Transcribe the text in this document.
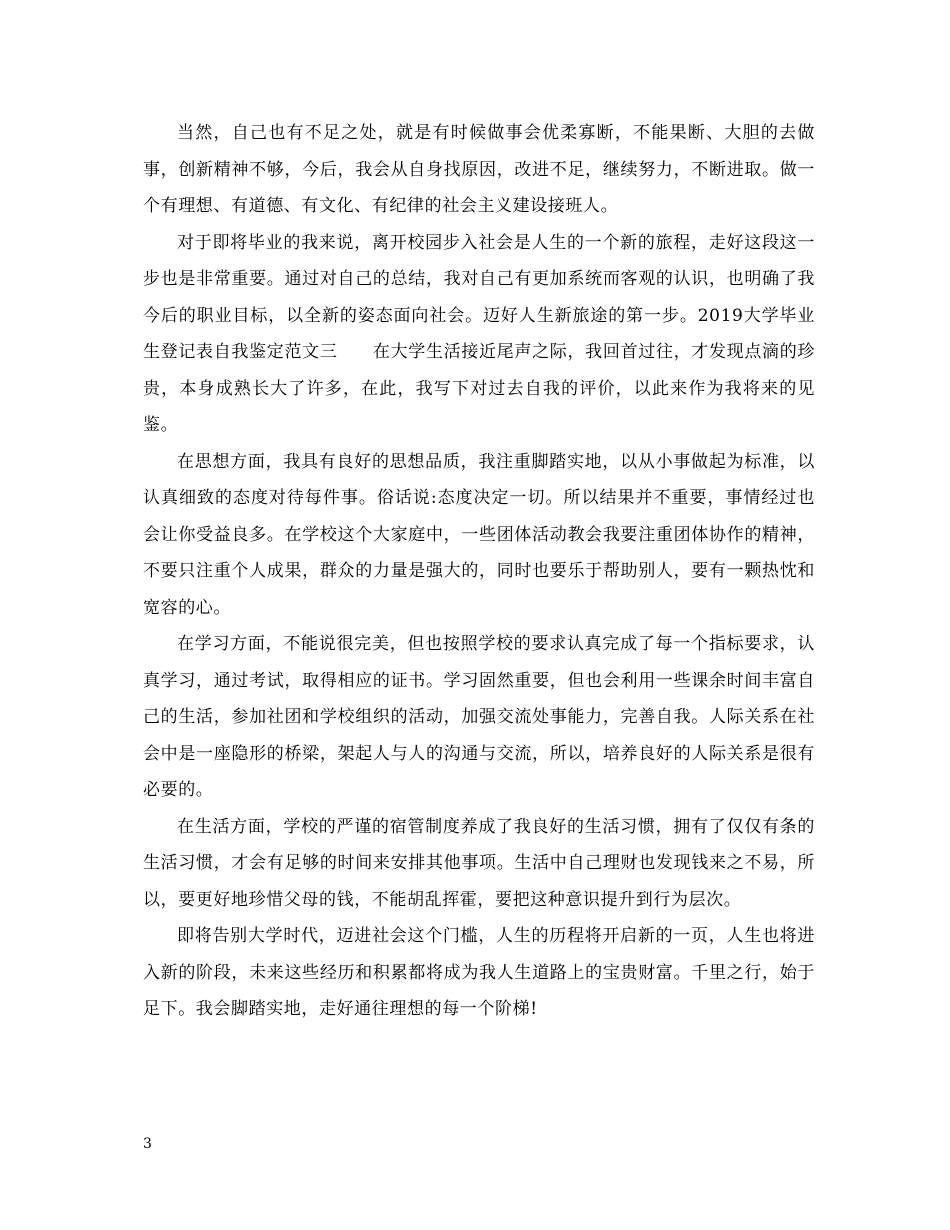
当然，自己也有不足之处，就是有时候做事会优柔寡断，不能果断、大胆的去做事，创新精神不够，今后，我会从自身找原因，改进不足，继续努力，不断进取。做一个有理想、有道德、有文化、有纪律的社会主义建设接班人。

对于即将毕业的我来说，离开校园步入社会是人生的一个新的旅程，走好这段这一步也是非常重要。通过对自己的总结，我对自己有更加系统而客观的认识，也明确了我今后的职业目标，以全新的姿态面向社会。迈好人生新旅途的第一步。2019大学毕业生登记表自我鉴定范文三　　在大学生活接近尾声之际，我回首过往，才发现点滴的珍贵，本身成熟长大了许多，在此，我写下对过去自我的评价，以此来作为我将来的见鉴。

在思想方面，我具有良好的思想品质，我注重脚踏实地，以从小事做起为标准，以认真细致的态度对待每件事。俗话说:态度决定一切。所以结果并不重要，事情经过也会让你受益良多。在学校这个大家庭中，一些团体活动教会我要注重团体协作的精神，不要只注重个人成果，群众的力量是强大的，同时也要乐于帮助别人，要有一颗热忱和宽容的心。

在学习方面，不能说很完美，但也按照学校的要求认真完成了每一个指标要求，认真学习，通过考试，取得相应的证书。学习固然重要，但也会利用一些课余时间丰富自己的生活，参加社团和学校组织的活动，加强交流处事能力，完善自我。人际关系在社会中是一座隐形的桥梁，架起人与人的沟通与交流，所以，培养良好的人际关系是很有必要的。

在生活方面，学校的严谨的宿管制度养成了我良好的生活习惯，拥有了仅仅有条的生活习惯，才会有足够的时间来安排其他事项。生活中自己理财也发现钱来之不易，所以，要更好地珍惜父母的钱，不能胡乱挥霍，要把这种意识提升到行为层次。

即将告别大学时代，迈进社会这个门槛，人生的历程将开启新的一页，人生也将进入新的阶段，未来这些经历和积累都将成为我人生道路上的宝贵财富。千里之行，始于足下。我会脚踏实地，走好通往理想的每一个阶梯!

3
